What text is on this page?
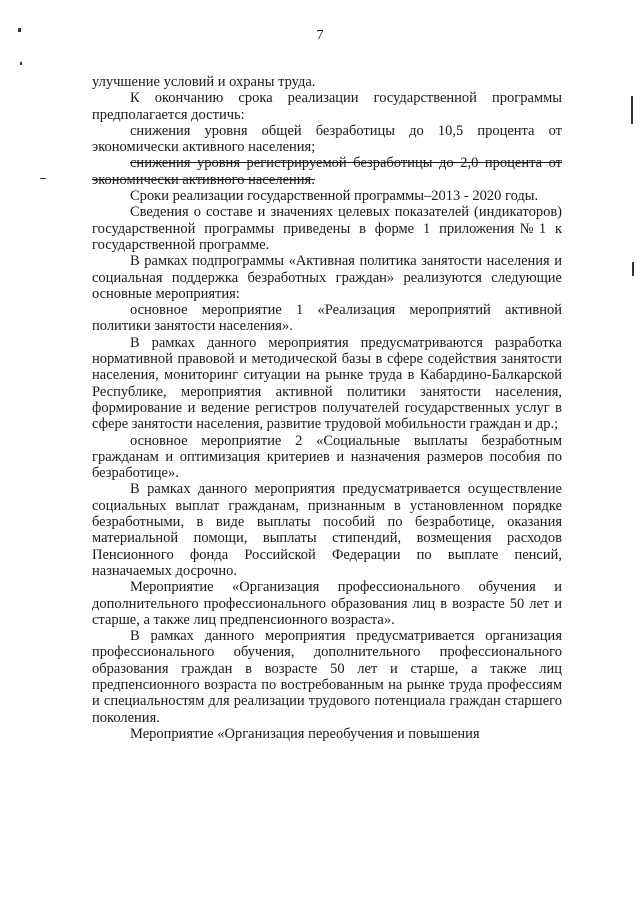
7

улучшение условий и охраны труда.

К окончанию срока реализации государственной программы предполагается достичь:

снижения уровня общей безработицы до 10,5 процента от экономически активного населения;

снижения уровня регистрируемой безработицы до 2,0 процента от экономически активного населения.

Сроки реализации государственной программы–2013 - 2020 годы.

Сведения о составе и значениях целевых показателей (индикаторов) государственной программы приведены в форме 1 приложения№1 к государственной программе.

В рамках подпрограммы «Активная политика занятости населения и социальная поддержка безработных граждан» реализуются следующие основные мероприятия:

основное мероприятие 1 «Реализация мероприятий активной политики занятости населения».

В рамках данного мероприятия предусматриваются разработка нормативной правовой и методической базы в сфере содействия занятости населения, мониторинг ситуации на рынке труда в Кабардино-Балкарской Республике, мероприятия активной политики занятости населения, формирование и ведение регистров получателей государственных услуг в сфере занятости населения, развитие трудовой мобильности граждан и др.;

основное мероприятие 2 «Социальные выплаты безработным гражданам и оптимизация критериев и назначения размеров пособия по безработице».

В рамках данного мероприятия предусматривается осуществление социальных выплат гражданам, признанным в установленном порядке безработными, в виде выплаты пособий по безработице, оказания материальной помощи, выплаты стипендий, возмещения расходов Пенсионного фонда Российской Федерации по выплате пенсий, назначаемых досрочно.

Мероприятие «Организация профессионального обучения и дополнительного профессионального образования лиц в возрасте 50 лет и старше, а также лиц предпенсионного возраста».

В рамках данного мероприятия предусматривается организация профессионального обучения, дополнительного профессионального образования граждан в возрасте 50 лет и старше, а также лиц предпенсионного возраста по востребованным на рынке труда профессиям и специальностям для реализации трудового потенциала граждан старшего поколения.

Мероприятие «Организация переобучения и повышения
